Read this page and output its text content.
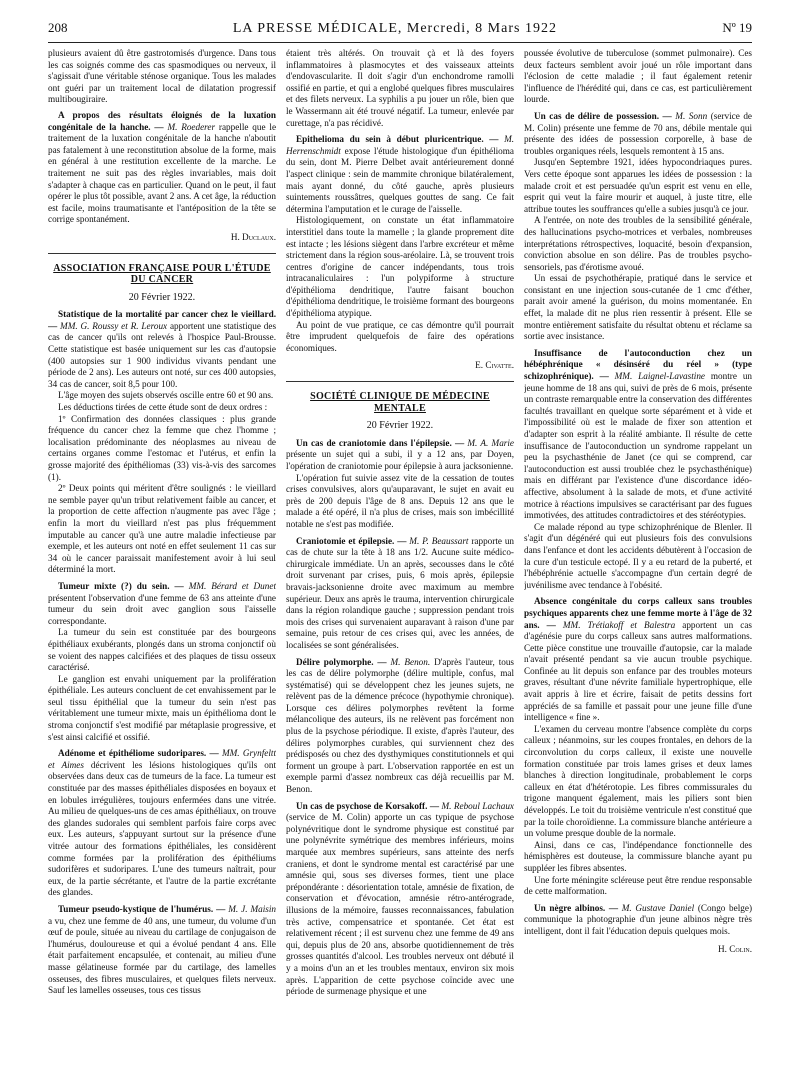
208	LA PRESSE MÉDICALE, Mercredi, 8 Mars 1922	Nº 19

plusieurs avaient dû être gastrotomisés d'urgence. Dans tous les cas soignés comme des cas spasmodiques ou nerveux, il s'agissait d'une véritable sténose organique. Tous les malades ont guéri par un traitement local de dilatation progressif multibougiraire.

A propos des résultats éloignés de la luxation congénitale de la hanche. — M. Roederer rappelle que le traitement de la luxation congénitale de la hanche n'aboutit pas fatalement à une reconstitution absolue de la forme, mais en général à une restitution excellente de la marche. Le traitement ne suit pas des règles invariables, mais doit s'adapter à chaque cas en particulier. Quand on le peut, il faut opérer le plus tôt possible, avant 2 ans. A cet âge, la réduction est facile, moins traumatisante et l'antéposition de la tête se corrige spontanément.

H. Duclaux.

ASSOCIATION FRANÇAISE POUR L'ÉTUDE DU CANCER

20 Février 1922.

Statistique de la mortalité par cancer chez le vieillard. — MM. G. Roussy et R. Leroux apportent une statistique des cas de cancer qu'ils ont relevés à l'hospice Paul-Brousse. Cette statistique est basée uniquement sur les cas d'autopsie (400 autopsies sur 1 900 individus vivants pendant une période de 2 ans). Les auteurs ont noté, sur ces 400 autopsies, 34 cas de cancer, soit 8,5 pour 100.

L'âge moyen des sujets observés oscille entre 60 et 90 ans.

Les déductions tirées de cette étude sont de deux ordres :

1º Confirmation des données classiques : plus grande fréquence du cancer chez la femme que chez l'homme ; localisation prédominante des néoplasmes au niveau de certains organes comme l'estomac et l'utérus, et enfin la grosse majorité des épithéliomas (33) vis-à-vis des sarcomes (1).

2º Deux points qui méritent d'être soulignés : le vieillard ne semble payer qu'un tribut relativement faible au cancer, et la proportion de cette affection n'augmente pas avec l'âge ; enfin la mort du vieillard n'est pas plus fréquemment imputable au cancer qu'à une autre maladie infectieuse par exemple, et les auteurs ont noté en effet seulement 11 cas sur 34 où le cancer paraissait manifestement avoir à lui seul déterminé la mort.

Tumeur mixte (?) du sein. — MM. Bérard et Dunet présentent l'observation d'une femme de 63 ans atteinte d'une tumeur du sein droit avec ganglion sous l'aisselle correspondante.

La tumeur du sein est constituée par des bourgeons épithéliaux exubérants, plongés dans un stroma conjonctif où se voient des nappes calcifiées et des plaques de tissu osseux caractérisé.

Le ganglion est envahi uniquement par la prolifération épithéliale. Les auteurs concluent de cet envahissement par le seul tissu épithélial que la tumeur du sein n'est pas véritablement une tumeur mixte, mais un épithélioma dont le stroma conjonctif s'est modifié par métaplasie progressive, et s'est ainsi calcifié et ossifié.

Adénome et épithéliome sudoripares. — MM. Grynfeltt et Aimes décrivent les lésions histologiques qu'ils ont observées dans deux cas de tumeurs de la face. La tumeur est constituée par des masses épithéliales disposées en boyaux et en lobules irrégulières, toujours enfermées dans une vitrée. Au milieu de quelques-uns de ces amas épithéliaux, on trouve des glandes sudorales qui semblent parfois faire corps avec eux. Les auteurs, s'appuyant surtout sur la présence d'une vitrée autour des formations épithéliales, les considèrent comme formées par la prolifération des épithéliums sudorifères et sudoripares. L'une des tumeurs naîtrait, pour eux, de la partie sécrétante, et l'autre de la partie excrétante des glandes.

Tumeur pseudo-kystique de l'humérus. — M. J. Maisin a vu, chez une femme de 40 ans, une tumeur, du volume d'un œuf de poule, située au niveau du cartilage de conjugaison de l'humérus, douloureuse et qui a évolué pendant 4 ans. Elle était parfaitement encapsulée, et contenait, au milieu d'une masse gélatineuse formée par du cartilage, des lamelles osseuses, des fibres musculaires, et quelques filets nerveux. Sauf les lamelles osseuses, tous ces tissus

étaient très altérés. On trouvait çà et là des foyers inflammatoires à plasmocytes et des vaisseaux atteints d'endovascularite. Il doit s'agir d'un enchondrome ramolli ossifié en partie, et qui a englobé quelques fibres musculaires et des filets nerveux. La syphilis a pu jouer un rôle, bien que le Wassermann ait été trouvé négatif. La tumeur, enlevée par curettage, n'a pas récidivé.

Epithelioma du sein à début pluricentrique. — M. Herrenschmidt expose l'étude histologique d'un épithélioma du sein, dont M. Pierre Delbet avait antérieurement donné l'aspect clinique : sein de mammite chronique bilatéralement, mais ayant donné, du côté gauche, après plusieurs suintements roussâtres, quelques gouttes de sang. Ce fait détermina l'amputation et le curage de l'aisselle.

Histologiquement, on constate un état inflammatoire interstitiel dans toute la mamelle ; la glande proprement dite est intacte ; les lésions siègent dans l'arbre excréteur et même strictement dans la région sous-aréolaire. Là, se trouvent trois centres d'origine de cancer indépendants, tous trois intracanaliculaires : l'un polypiforme à structure d'épithélioma dendritique, l'autre faisant bouchon d'épithélioma dendritique, le troisième formant des bourgeons d'épithélioma atypique.

Au point de vue pratique, ce cas démontre qu'il pourrait être imprudent quelquefois de faire des opérations économiques.

E. Civatte.

SOCIÉTÉ CLINIQUE DE MÉDECINE MENTALE

20 Février 1922.

Un cas de craniotomie dans l'épilepsie. — M. A. Marie présente un sujet qui a subi, il y a 12 ans, par Doyen, l'opération de craniotomie pour épilepsie à aura jacksonienne.

L'opération fut suivie assez vite de la cessation de toutes crises convulsives, alors qu'auparavant, le sujet en avait eu près de 200 depuis l'âge de 8 ans. Depuis 12 ans que le malade a été opéré, il n'a plus de crises, mais son imbécillité notable ne s'est pas modifiée.

Craniotomie et épilepsie. — M. P. Beaussart rapporte un cas de chute sur la tête à 18 ans 1/2. Aucune suite médico-chirurgicale immédiate. Un an après, secousses dans le côté droit survenant par crises, puis, 6 mois après, épilepsie bravais-jacksonienne droite avec maximum au membre supérieur. Deux ans après le trauma, intervention chirurgicale dans la région rolandique gauche ; suppression pendant trois mois des crises qui survenaient auparavant à raison d'une par semaine, puis retour de ces crises qui, avec les années, de localisées se sont généralisées.

Délire polymorphe. — M. Benon. D'après l'auteur, tous les cas de délire polymorphe (délire multiple, confus, mal systématisé) qui se développent chez les jeunes sujets, ne relèvent pas de la démence précoce (hypothymie chronique). Lorsque ces délires polymorphes revêtent la forme mélancolique des auteurs, ils ne relèvent pas forcément non plus de la psychose périodique. Il existe, d'après l'auteur, des délires polymorphes curables, qui surviennent chez des prédisposés ou chez des dysthymiques constitutionnels et qui forment un groupe à part. L'observation rapportée en est un exemple parmi d'assez nombreux cas déjà recueillis par M. Benon.

Un cas de psychose de Korsakoff. — M. Reboul Lachaux (service de M. Colin) apporte un cas typique de psychose polynévritique dont le syndrome physique est constitué par une polynévrite symétrique des membres inférieurs, moins marquée aux membres supérieurs, sans atteinte des nerfs craniens, et dont le syndrome mental est caractérisé par une amnésie qui, sous ses diverses formes, tient une place prépondérante : désorientation totale, amnésie de fixation, de conservation et d'évocation, amnésie rétro-antérograde, illusions de la mémoire, fausses reconnaissances, fabulation très active, compensatrice et spontanée. Cet état est relativement récent ; il est survenu chez une femme de 49 ans qui, depuis plus de 20 ans, absorbe quotidiennement de très grosses quantités d'alcool. Les troubles nerveux ont débuté il y a moins d'un an et les troubles mentaux, environ six mois après. L'apparition de cette psychose coïncide avec une période de surmenage physique et une

poussée évolutive de tuberculose (sommet pulmonaire). Ces deux facteurs semblent avoir joué un rôle important dans l'éclosion de cette maladie ; il faut également retenir l'influence de l'hérédité qui, dans ce cas, est particulièrement lourde.

Un cas de délire de possession. — M. Sonn (service de M. Colin) présente une femme de 70 ans, débile mentale qui présente des idées de possession corporelle, à base de troubles organiques réels, lesquels remontent à 15 ans.

Jusqu'en Septembre 1921, idées hypocondriaques pures. Vers cette époque sont apparues les idées de possession : la malade croit et est persuadée qu'un esprit est venu en elle, esprit qui veut la faire mourir et auquel, à juste titre, elle attribue toutes les souffrances qu'elle a subies jusqu'à ce jour.

A l'entrée, on note des troubles de la sensibilité générale, des hallucinations psycho-motrices et verbales, nombreuses interprétations rétrospectives, loquacité, besoin d'expansion, conviction absolue en son délire. Pas de troubles psycho-sensoriels, pas d'érotisme avoué.

Un essai de psychothérapie, pratiqué dans le service et consistant en une injection sous-cutanée de 1 cmc d'éther, parait avoir amené la guérison, du moins momentanée. En effet, la malade dit ne plus rien ressentir à présent. Elle se montre entièrement satisfaite du résultat obtenu et réclame sa sortie avec insistance.

Insuffisance de l'autoconduction chez un hébéphrénique « désinséré du réel » (type schizophrénique). — MM. Laignel-Lavastine montre un jeune homme de 18 ans qui, suivi de près de 6 mois, présente un contraste remarquable entre la conservation des différentes facultés travaillant en quelque sorte séparément et à vide et l'impossibilité où est le malade de fixer son attention et d'adapter son esprit à la réalité ambiante. Il résulte de cette insuffisance de l'autoconduction un syndrome rappelant un peu la psychasthénie de Janet (ce qui se comprend, car l'autoconduction est aussi troublée chez le psychasthénique) mais en différant par l'existence d'une discordance idéo-affective, absolument à la salade de mots, et d'une activité motrice à réactions impulsives se caractérisant par des fugues immotivées, des attitudes contradictoires et des stéréotypies.

Ce malade répond au type schizophrénique de Blenler. Il s'agit d'un dégénéré qui eut plusieurs fois des convulsions dans l'enfance et dont les accidents débutèrent à l'occasion de la cure d'un testicule ectopé. Il y a eu retard de la puberté, et l'hébéphrénie actuelle s'accompagne d'un certain degré de juvénilisme avec tendance à l'obésité.

Absence congénitale du corps calleux sans troubles psychiques apparents chez une femme morte à l'âge de 32 ans. — MM. Trétiakoff et Balestra apportent un cas d'agénésie pure du corps calleux sans autres malformations. Cette pièce constitue une trouvaille d'autopsie, car la malade n'avait présenté pendant sa vie aucun trouble psychique. Confinée au lit depuis son enfance par des troubles moteurs graves, résultant d'une névrite familiale hypertrophique, elle avait appris à lire et écrire, faisait de petits dessins fort appréciés de sa famille et passait pour une jeune fille d'une intelligence « fine ».

L'examen du cerveau montre l'absence complète du corps calleux ; néanmoins, sur les coupes frontales, en dehors de la circonvolution du corps calleux, il existe une nouvelle formation constituée par trois lames grises et deux lames blanches à direction longitudinale, probablement le corps calleux en état d'hétérotopie. Les fibres commissurales du trigone manquent également, mais les piliers sont bien développés. Le toit du troisième ventricule n'est constitué que par la toile choroïdienne. La commissure blanche antérieure a un volume presque double de la normale.

Ainsi, dans ce cas, l'indépendance fonctionnelle des hémisphères est douteuse, la commissure blanche ayant pu suppléer les fibres absentes.

Une forte méningite scléreuse peut être rendue responsable de cette malformation.

Un nègre albinos. — M. Gustave Daniel (Congo belge) communique la photographie d'un jeune albinos nègre très intelligent, dont il fait l'éducation depuis quelques mois.

H. Colin.
